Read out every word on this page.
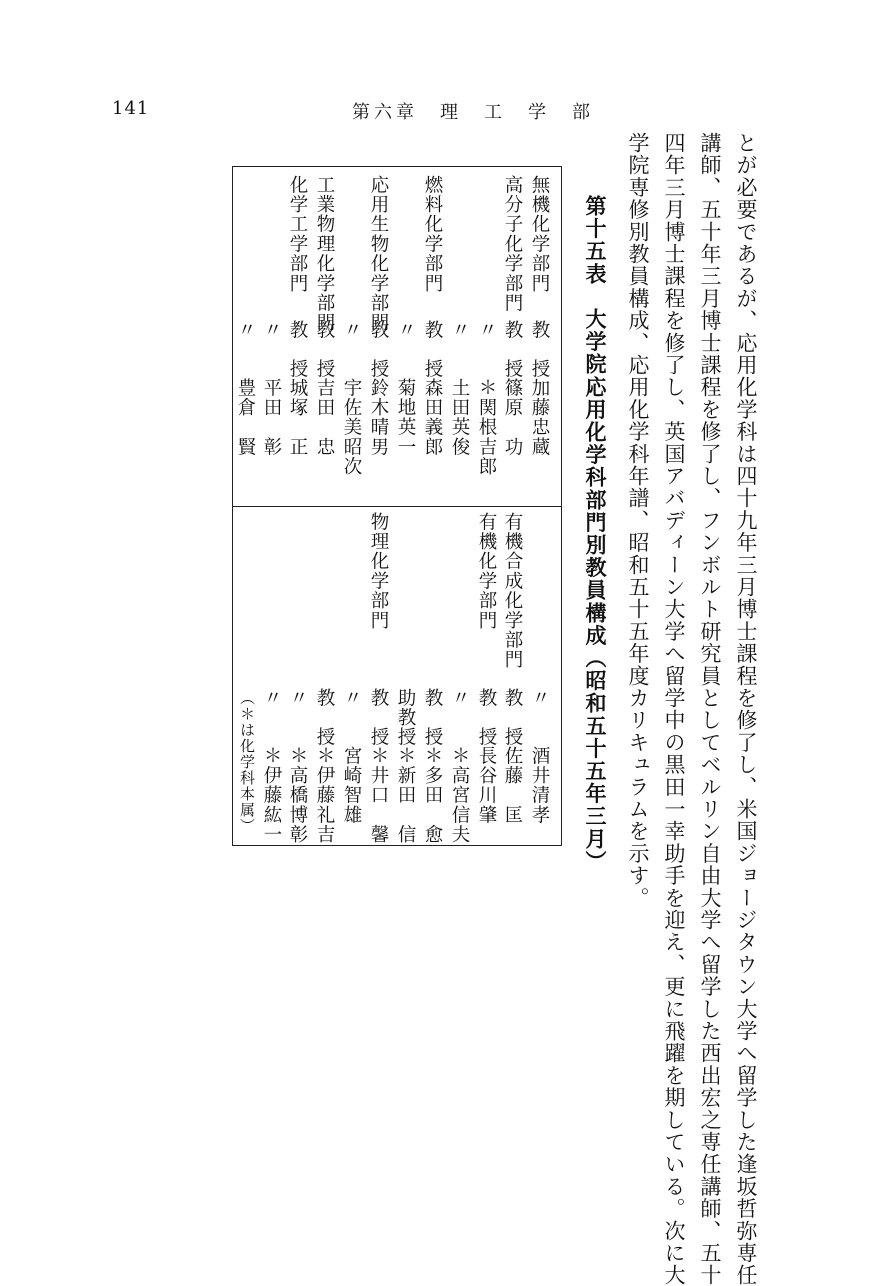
141	第六章　理　工　学　部
とが必要であるが、応用化学科は四十九年三月博士課程を修了し、米国ジョージタウン大学へ留学した逢坂哲弥専任
講師、五十年三月博士課程を修了し、フンボルト研究員としてベルリン自由大学へ留学した西出宏之専任講師、五十
四年三月博士課程を修了し、英国アバディーン大学へ留学中の黒田一幸助手を迎え、更に飛躍を期している。次に大
学院専修別教員構成、応用化学科年譜、昭和五十五年度カリキュラムを示す。
第十五表　大学院応用化学科部門別教員構成（昭和五十五年三月）
無機化学部門
教　授
加藤忠蔵
高分子化学部門
教　授
篠原　功
〃
＊関根吉郎
〃
土田英俊
燃料化学部門
教　授
森田義郎
〃
菊地英一
応用生物化学部門
教　授
鈴木晴男
〃
宇佐美昭次
工業物理化学部門
教　授
吉田　忠
化学工学部門
教　授
城塚　正
〃
平田　彰
〃
豊倉　賢
〃
酒井清孝
有機合成化学部門
教　授
佐藤　匡
有機化学部門
教　授
長谷川肇
〃
＊高宮信夫
教　授
＊多田　愈
助教授
＊新田　信
物理化学部門
教　授
＊井口　馨
〃
宮崎智雄
教　授
＊伊藤礼吉
〃
＊高橋博彰
〃
＊伊藤紘一
（＊は化学科本属）
